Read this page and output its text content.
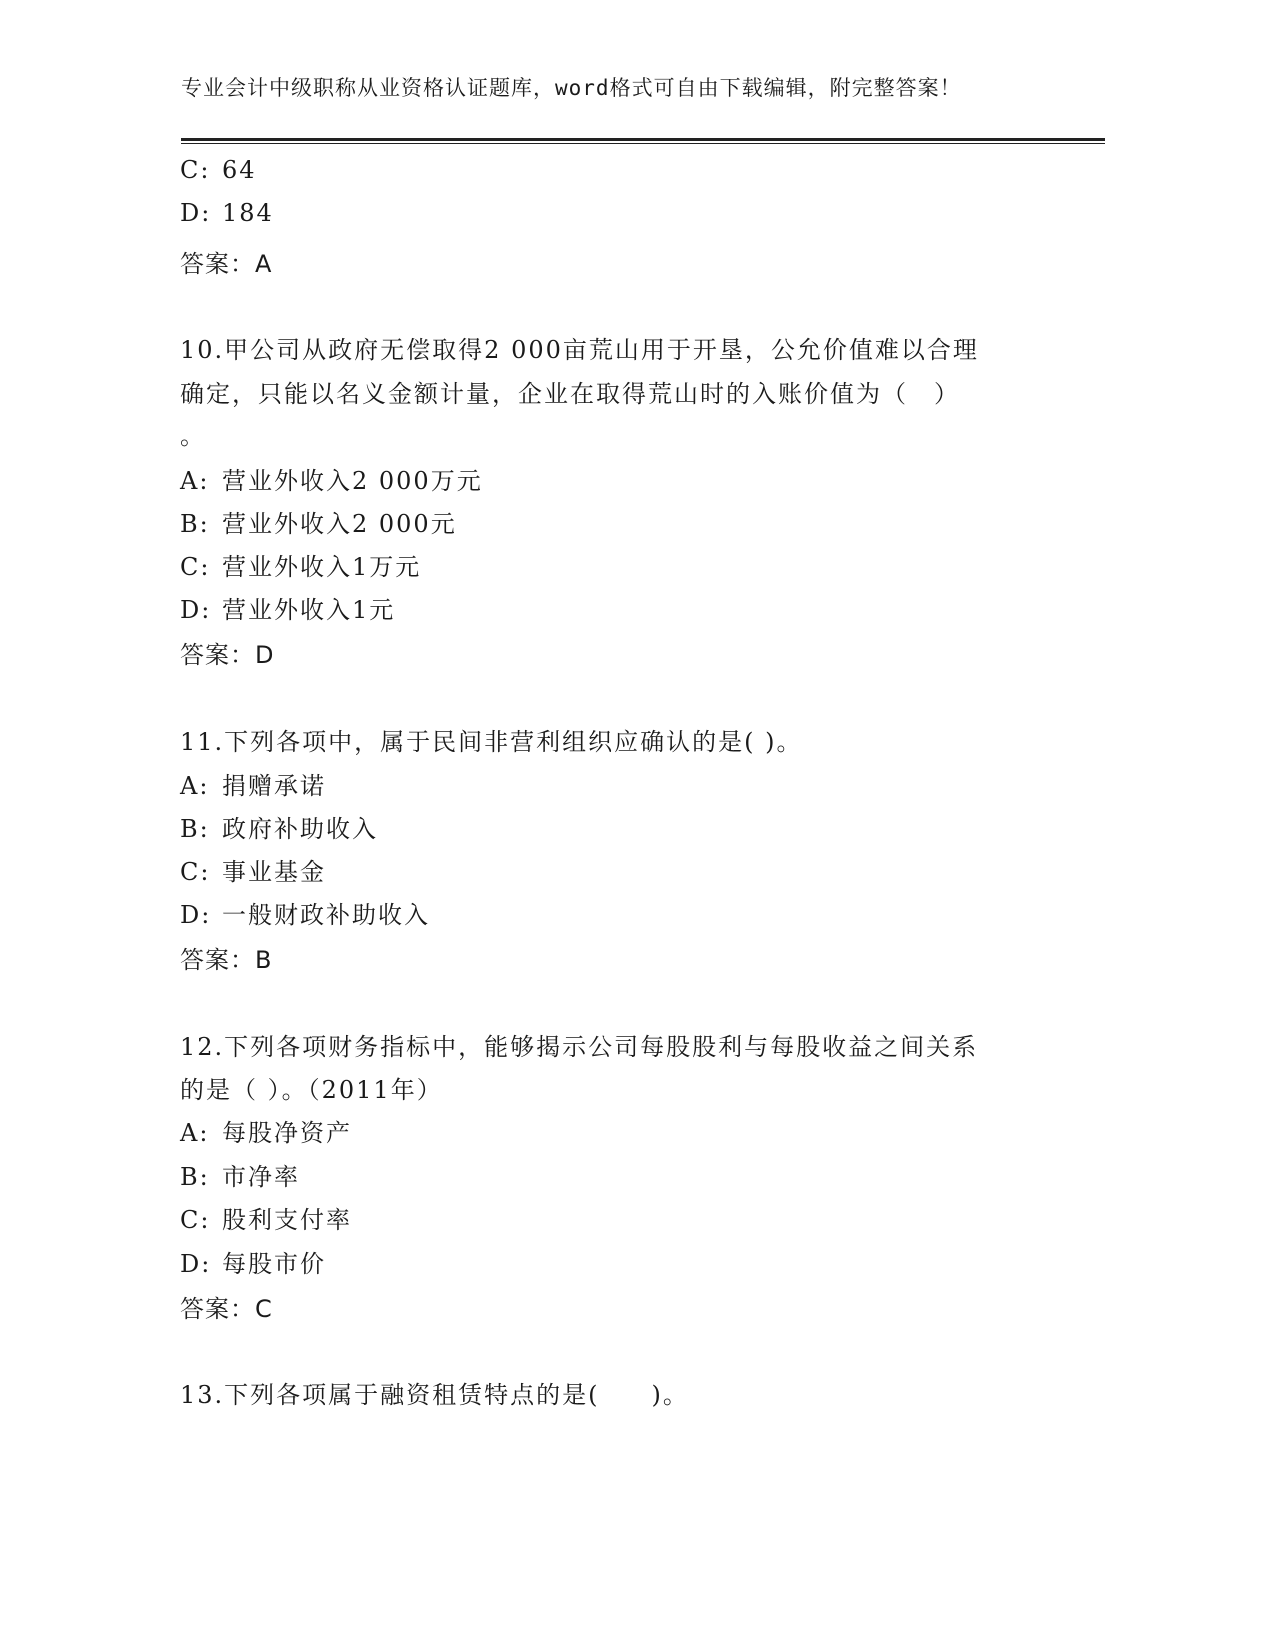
专业会计中级职称从业资格认证题库，word格式可自由下载编辑，附完整答案！
C: 64
D: 184
答案：A
10.甲公司从政府无偿取得2 000亩荒山用于开垦，公允价值难以合理
确定，只能以名义金额计量，企业在取得荒山时的入账价值为（　）
。
A: 营业外收入2 000万元
B: 营业外收入2 000元
C: 营业外收入1万元
D: 营业外收入1元
答案：D
11.下列各项中，属于民间非营利组织应确认的是( )。
A: 捐赠承诺
B: 政府补助收入
C: 事业基金
D: 一般财政补助收入
答案：B
12.下列各项财务指标中，能够揭示公司每股股利与每股收益之间关系
的是（ ）。（2011年）
A: 每股净资产
B: 市净率
C: 股利支付率
D: 每股市价
答案：C
13.下列各项属于融资租赁特点的是(　　)。
